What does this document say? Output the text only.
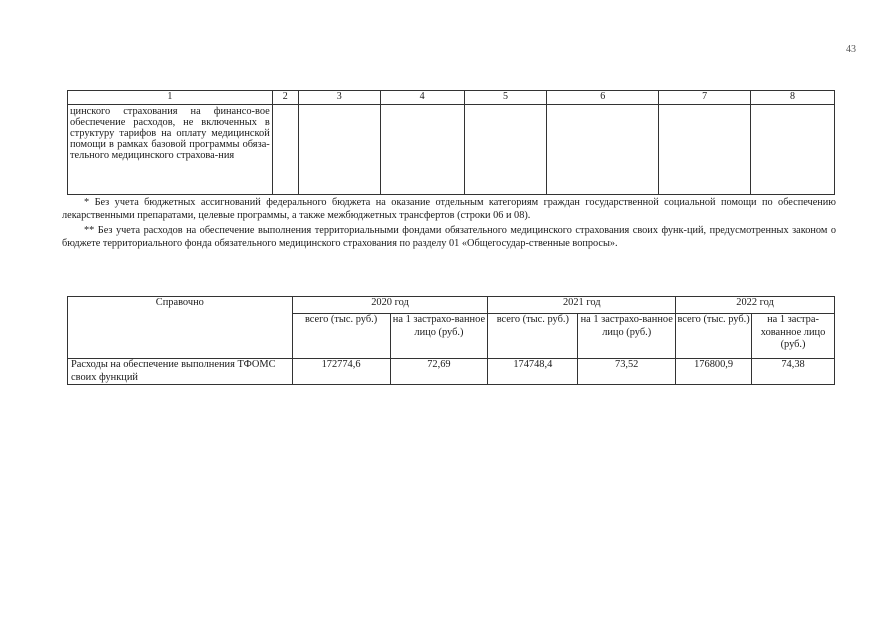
43
1	2	3	4	5	6	7	8
цинского страхования на финансо-вое обеспечение расходов, не включенных в структуру тарифов на оплату медицинской помощи в рамках базовой программы обяза-тельного медицинского страхова-ния							

* Без учета бюджетных ассигнований федерального бюджета на оказание отдельным категориям граждан государственной социальной помощи по обеспечению лекарственными препаратами, целевые программы, а также межбюджетных трансфертов (строки 06 и 08).

** Без учета расходов на обеспечение выполнения территориальными фондами обязательного медицинского страхования своих функ-ций, предусмотренных законом о бюджете территориального фонда обязательного медицинского страхования по разделу 01 «Общегосудар-ственные вопросы».

Справочно	2020 год		2021 год		2022 год	
	всего (тыс. руб.)	на 1 застрахо-ванное лицо (руб.)	всего (тыс. руб.)	на 1 застрахо-ванное лицо (руб.)	всего (тыс. руб.)	на 1 застра-хованное лицо (руб.)
Расходы на обеспечение выполнения ТФОМС своих функций	172774,6	72,69	174748,4	73,52	176800,9	74,38
